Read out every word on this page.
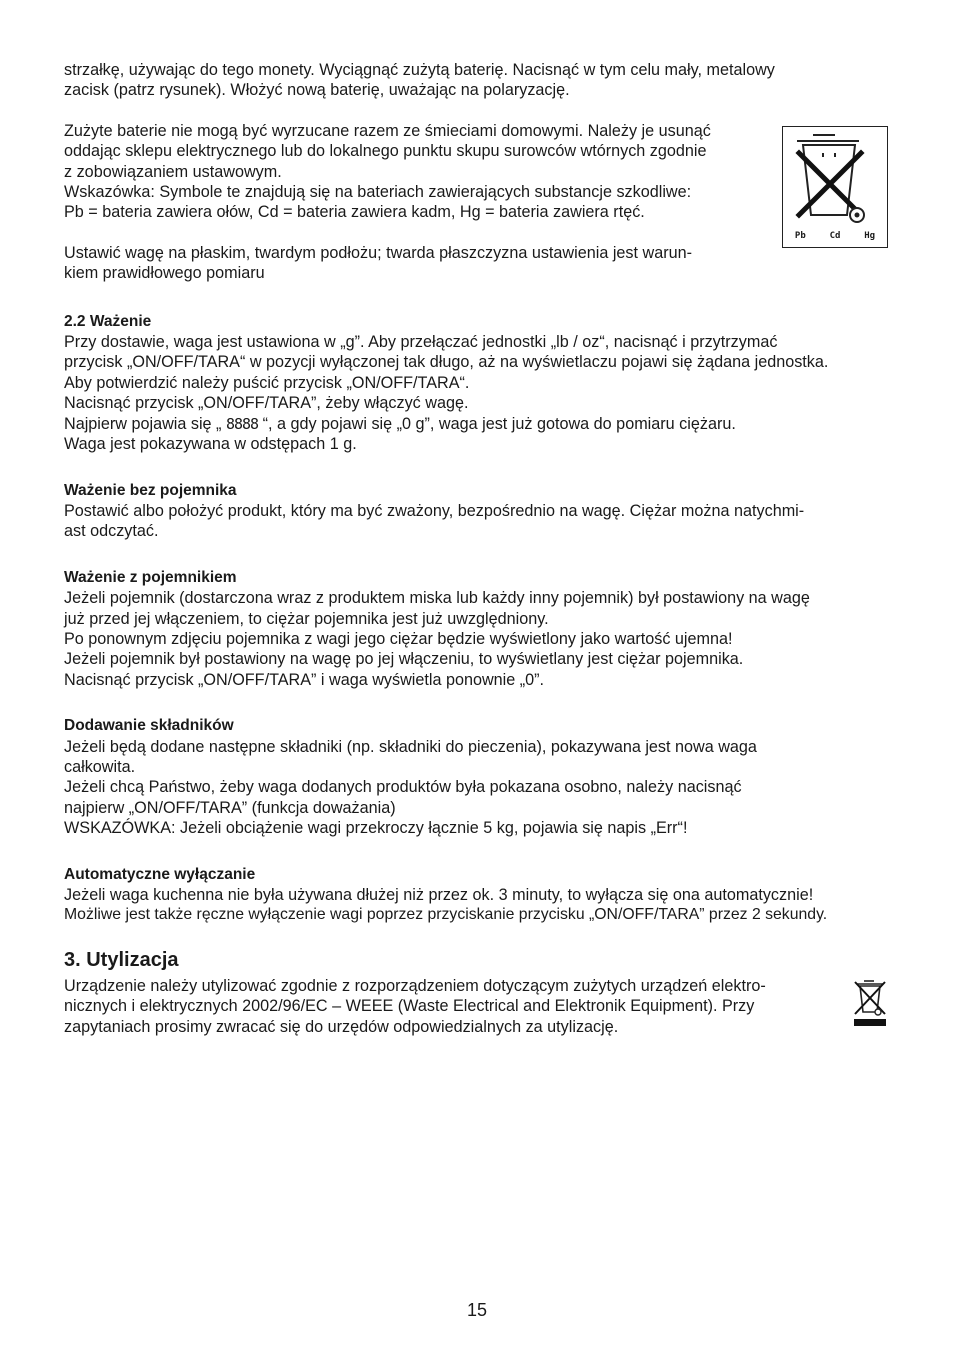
strzałkę, używając do tego monety. Wyciągnąć zużytą baterię. Nacisnąć w tym celu mały, metalowy

zacisk (patrz rysunek). Włożyć nową baterię, uważając na polaryzację.

Zużyte baterie nie mogą być wyrzucane razem ze śmieciami domowymi. Należy je usunąć

oddając sklepu elektrycznego lub do lokalnego punktu skupu surowców wtórnych zgodnie

z zobowiązaniem ustawowym.

Wskazówka: Symbole te znajdują się na bateriach zawierających substancje szkodliwe:

Pb = bateria zawiera ołów, Cd = bateria zawiera kadm, Hg = bateria zawiera rtęć.

Ustawić wagę na płaskim, twardym podłożu; twarda płaszczyzna ustawienia jest warun-

kiem prawidłowego pomiaru

2.2 Ważenie

Przy dostawie, waga jest ustawiona w „g”. Aby przełączać jednostki „lb / oz“, nacisnąć i przytrzymać

przycisk „ON/OFF/TARA“ w pozycji wyłączonej tak długo, aż na wyświetlaczu pojawi się żądana jednostka.

Aby potwierdzić należy puścić przycisk „ON/OFF/TARA“.

Nacisnąć przycisk „ON/OFF/TARA”, żeby włączyć wagę.

Najpierw pojawia się „ 8888 “, a gdy pojawi się „0 g”, waga jest już gotowa do pomiaru ciężaru.

Waga jest pokazywana w odstępach 1 g.

Ważenie bez pojemnika

Postawić albo położyć produkt, który ma być zważony, bezpośrednio na wagę. Ciężar można natychmi-

ast odczytać.

Ważenie z pojemnikiem

Jeżeli pojemnik (dostarczona wraz z produktem miska lub każdy inny pojemnik) był postawiony na wagę

już przed jej włączeniem, to ciężar pojemnika jest już uwzględniony.

Po ponownym zdjęciu pojemnika z wagi jego ciężar będzie wyświetlony jako wartość ujemna!

Jeżeli pojemnik był postawiony na wagę po jej włączeniu, to wyświetlany jest ciężar pojemnika.

Nacisnąć przycisk „ON/OFF/TARA” i waga wyświetla ponownie „0”.

Dodawanie składników

Jeżeli będą dodane następne składniki (np. składniki do pieczenia), pokazywana jest nowa waga

całkowita.

Jeżeli chcą Państwo, żeby waga dodanych produktów była pokazana osobno, należy nacisnąć

najpierw „ON/OFF/TARA” (funkcja doważania)

WSKAZÓWKA: Jeżeli obciążenie wagi przekroczy łącznie 5 kg, pojawia się napis „Err“!

Automatyczne wyłączanie

Jeżeli waga kuchenna nie była używana dłużej niż przez ok. 3 minuty, to wyłącza się ona automatycznie!

Możliwe jest także ręczne wyłączenie wagi poprzez przyciskanie przycisku „ON/OFF/TARA” przez 2 sekundy.

3. Utylizacja

Urządzenie należy utylizować zgodnie z rozporządzeniem dotyczącym zużytych urządzeń elektro-

nicznych i elektrycznych 2002/96/EC – WEEE (Waste Electrical and Elektronik Equipment). Przy

zapytaniach prosimy zwracać się do urzędów odpowiedzialnych za utylizację.

Pb	Cd	Hg
15
